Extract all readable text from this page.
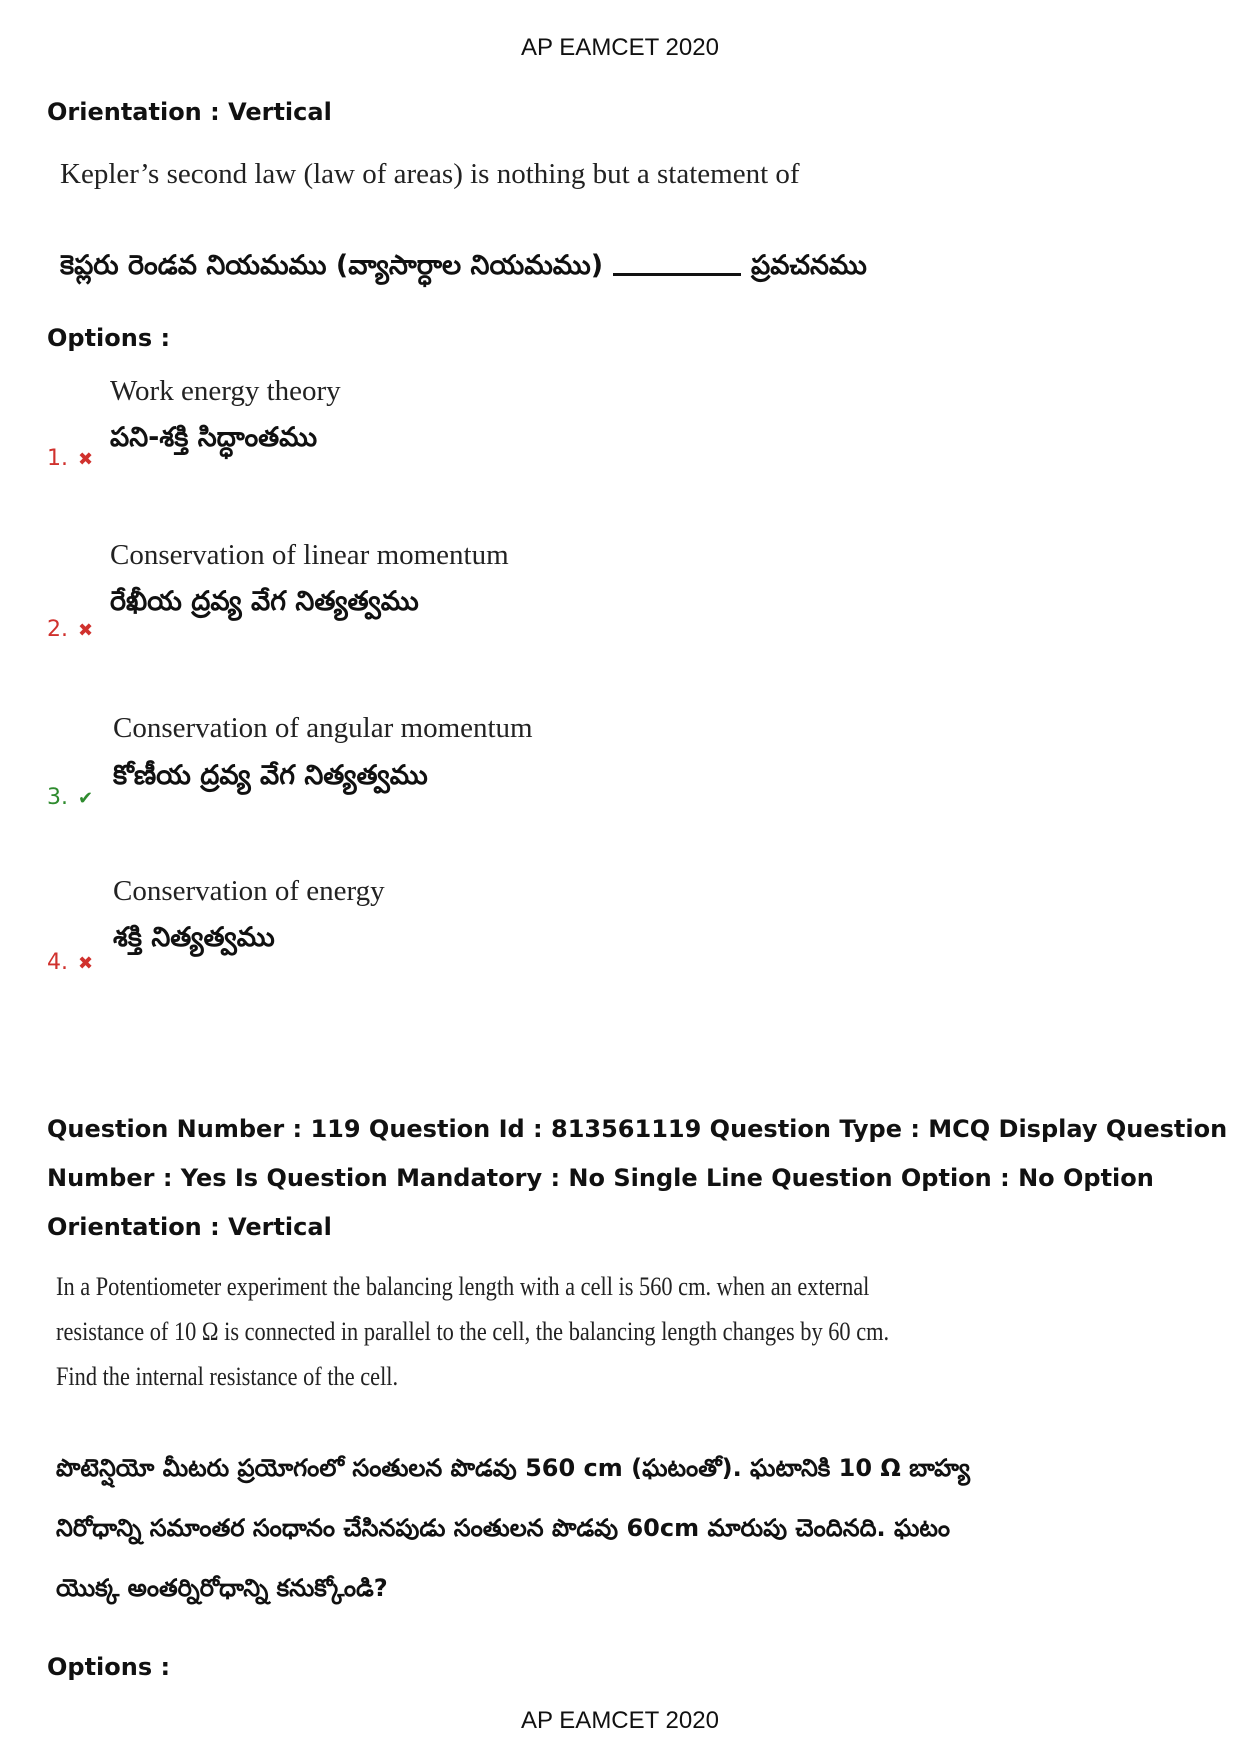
AP EAMCET 2020
Orientation : Vertical
Kepler’s second law (law of areas) is nothing but a statement of
కెప్లరు రెండవ నియమము (వ్యాసార్ధాల నియమము)	ప్రవచనము
Options :
Work energy theory
పని-శక్తి సిద్ధాంతము
1. ✖
Conservation of linear momentum
రేఖీయ ద్రవ్య వేగ నిత్యత్వము
2. ✖
Conservation of angular momentum
కోణీయ ద్రవ్య వేగ నిత్యత్వము
3. ✔
Conservation of energy
శక్తి నిత్యత్వము
4. ✖
Question Number : 119 Question Id : 813561119 Question Type : MCQ Display Question
Number : Yes Is Question Mandatory : No Single Line Question Option : No Option
Orientation : Vertical
In a Potentiometer experiment the balancing length with a cell is 560 cm. when an external
resistance of 10 Ω is connected in parallel to the cell, the balancing length changes by 60 cm.
Find the internal resistance of the cell.
పొటెన్షియో మీటరు ప్రయోగంలో సంతులన పొడవు 560 cm (ఘటంతో). ఘటానికి 10 Ω బాహ్య
నిరోధాన్ని సమాంతర సంధానం చేసినపుడు సంతులన పొడవు 60cm మారుపు చెందినది. ఘటం
యొక్క అంతర్నిరోధాన్ని కనుక్కోండి?
Options :
AP EAMCET 2020
